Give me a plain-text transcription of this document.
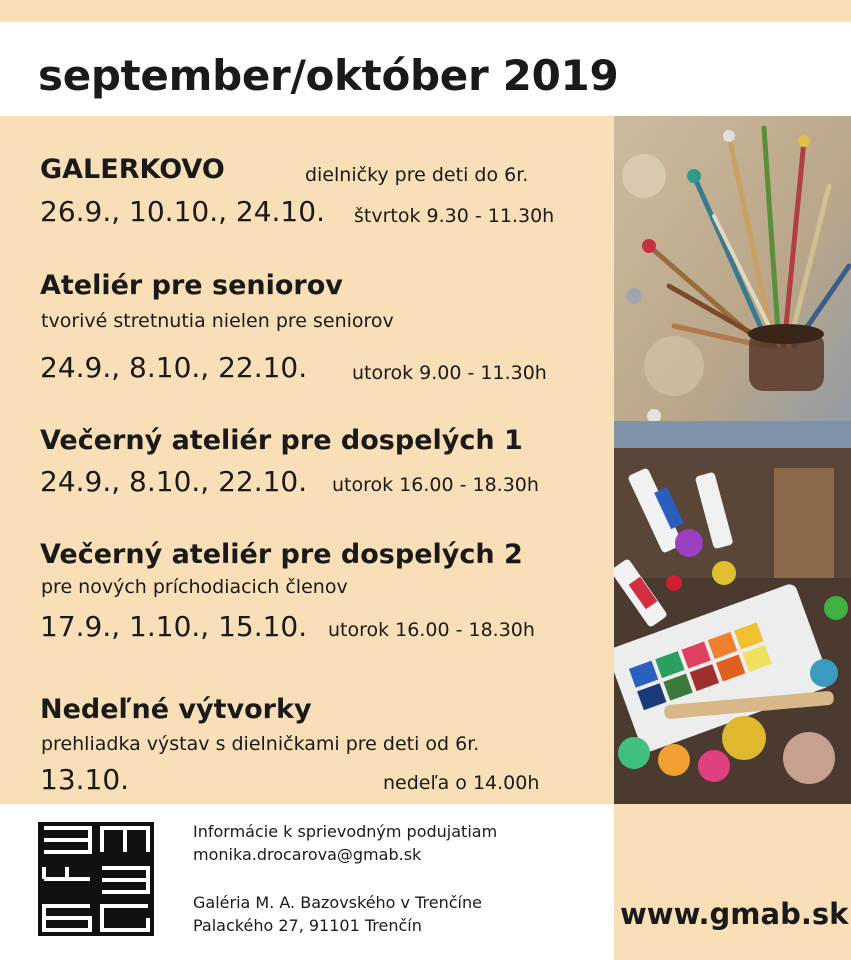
september/október 2019
GALERKOVO	dielničky pre deti do 6r.
26.9., 10.10., 24.10. štvrtok 9.30 - 11.30h
Ateliér pre seniorov
tvorivé stretnutia nielen pre seniorov
24.9., 8.10., 22.10. utorok 9.00 - 11.30h
Večerný ateliér pre dospelých 1
24.9., 8.10., 22.10. utorok 16.00 - 18.30h
Večerný ateliér pre dospelých 2
pre nových príchodiacich členov
17.9., 1.10., 15.10. utorok 16.00 - 18.30h
Nedeľné výtvorky
prehliadka výstav s dielničkami pre deti od 6r.
13.10.	nedeľa o 14.00h
Informácie k sprievodným podujatiam
monika.drocarova@gmab.sk
Galéria M. A. Bazovského v Trenčíne
Palackého 27, 91101 Trenčín	www.gmab.sk
